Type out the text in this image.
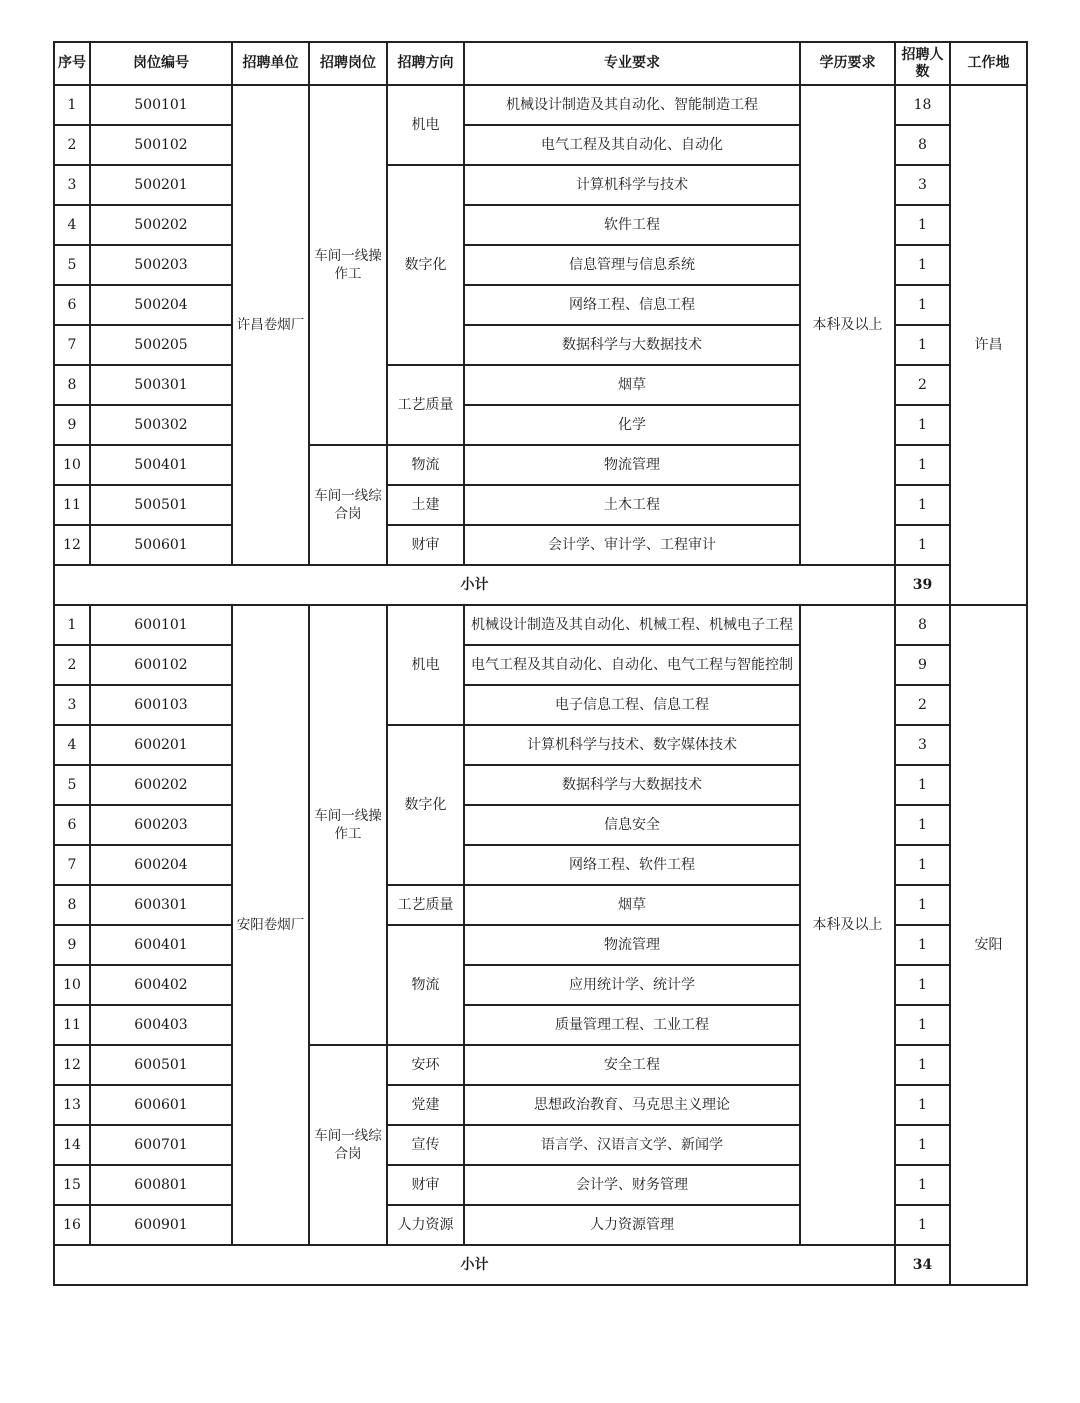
序号	岗位编号	招聘单位	招聘岗位	招聘方向	专业要求	学历要求	招聘人数	工作地
1	500101	许昌卷烟厂	车间一线操作工	机电	机械设计制造及其自动化、智能制造工程	本科及以上	18	许昌
2	500102				电气工程及其自动化、自动化		8	
3	500201			数字化	计算机科学与技术		3	
4	500202				软件工程		1	
5	500203				信息管理与信息系统		1	
6	500204				网络工程、信息工程		1	
7	500205				数据科学与大数据技术		1	
8	500301			工艺质量	烟草		2	
9	500302				化学		1	
10	500401		车间一线综合岗	物流	物流管理		1	
11	500501			土建	土木工程		1	
12	500601			财审	会计学、审计学、工程审计		1	
小计							39	
1	600101	安阳卷烟厂	车间一线操作工	机电	机械设计制造及其自动化、机械工程、机械电子工程	本科及以上	8	安阳
2	600102				电气工程及其自动化、自动化、电气工程与智能控制		9	
3	600103				电子信息工程、信息工程		2	
4	600201			数字化	计算机科学与技术、数字媒体技术		3	
5	600202				数据科学与大数据技术		1	
6	600203				信息安全		1	
7	600204				网络工程、软件工程		1	
8	600301			工艺质量	烟草		1	
9	600401			物流	物流管理		1	
10	600402				应用统计学、统计学		1	
11	600403				质量管理工程、工业工程		1	
12	600501		车间一线综合岗	安环	安全工程		1	
13	600601			党建	思想政治教育、马克思主义理论		1	
14	600701			宣传	语言学、汉语言文学、新闻学		1	
15	600801			财审	会计学、财务管理		1	
16	600901			人力资源	人力资源管理		1	
小计							34	
